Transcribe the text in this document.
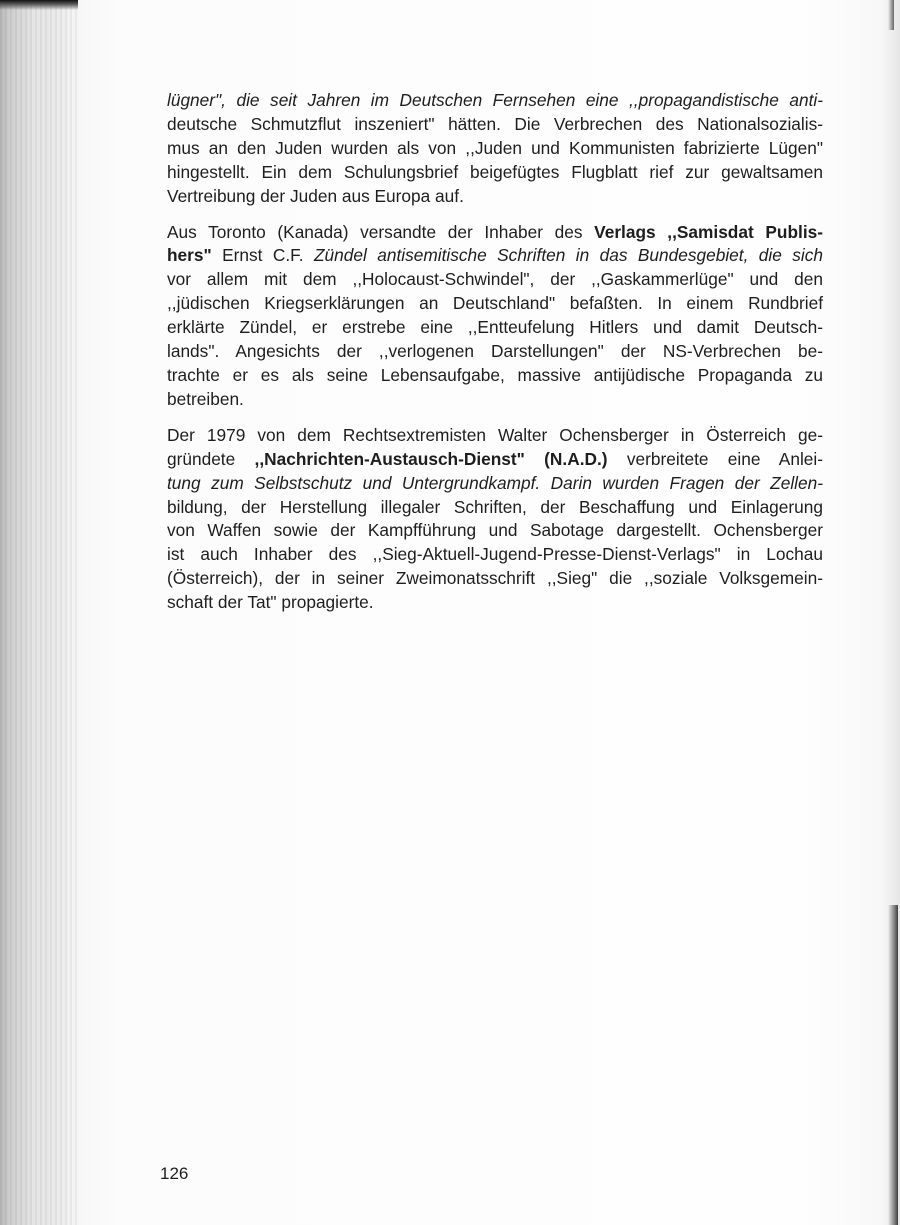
lügner", die seit Jahren im Deutschen Fernsehen eine ,,propagandistische anti-
deutsche Schmutzflut inszeniert" hätten. Die Verbrechen des Nationalsozialis-
mus an den Juden wurden als von ,,Juden und Kommunisten fabrizierte Lügen"
hingestellt. Ein dem Schulungsbrief beigefügtes Flugblatt rief zur gewaltsamen
Vertreibung der Juden aus Europa auf.
Aus Toronto (Kanada) versandte der Inhaber des Verlags ,,Samisdat Publis-
hers" Ernst C.F. Zündel antisemitische Schriften in das Bundesgebiet, die sich
vor allem mit dem ,,Holocaust-Schwindel", der ,,Gaskammerlüge" und den
,,jüdischen Kriegserklärungen an Deutschland" befaßten. In einem Rundbrief
erklärte Zündel, er erstrebe eine ,,Entteufelung Hitlers und damit Deutsch-
lands". Angesichts der ,,verlogenen Darstellungen" der NS-Verbrechen be-
trachte er es als seine Lebensaufgabe, massive antijüdische Propaganda zu
betreiben.
Der 1979 von dem Rechtsextremisten Walter Ochensberger in Österreich ge-
gründete ,,Nachrichten-Austausch-Dienst" (N.A.D.) verbreitete eine Anlei-
tung zum Selbstschutz und Untergrundkampf. Darin wurden Fragen der Zellen-
bildung, der Herstellung illegaler Schriften, der Beschaffung und Einlagerung
von Waffen sowie der Kampfführung und Sabotage dargestellt. Ochensberger
ist auch Inhaber des ,,Sieg-Aktuell-Jugend-Presse-Dienst-Verlags" in Lochau
(Österreich), der in seiner Zweimonatsschrift ,,Sieg" die ,,soziale Volksgemein-
schaft der Tat" propagierte.
126
